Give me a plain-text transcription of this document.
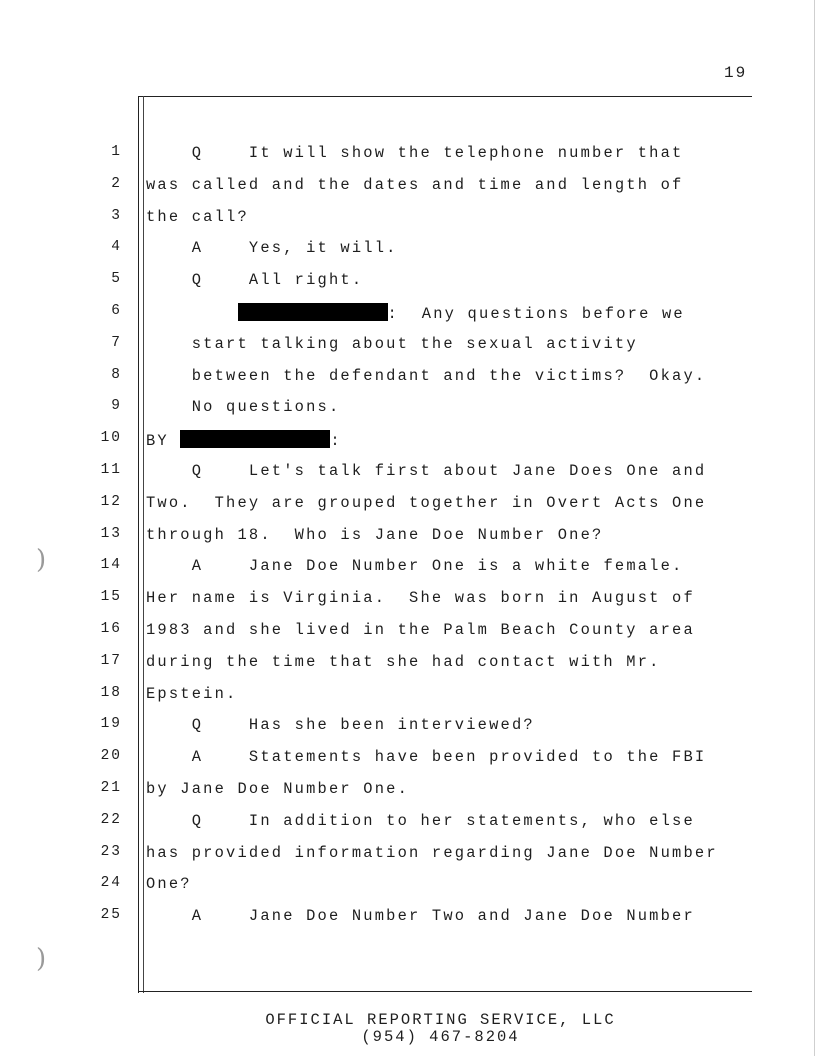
)
)
19
1	Q    It will show the telephone number that
2 was called and the dates and time and length of
3 the call?
4	A    Yes, it will.
5	Q    All right.
6	:  Any questions before we
7	start talking about the sexual activity
8	between the defendant and the victims?  Okay.
9	No questions.
10 BY	:
11	Q    Let's talk first about Jane Does One and
12 Two.  They are grouped together in Overt Acts One
13 through 18.  Who is Jane Doe Number One?
14	A    Jane Doe Number One is a white female.
15 Her name is Virginia.  She was born in August of
16 1983 and she lived in the Palm Beach County area
17 during the time that she had contact with Mr.
18 Epstein.
19	Q    Has she been interviewed?
20	A    Statements have been provided to the FBI
21 by Jane Doe Number One.
22	Q    In addition to her statements, who else
23 has provided information regarding Jane Doe Number
24 One?
25	A    Jane Doe Number Two and Jane Doe Number
OFFICIAL REPORTING SERVICE, LLC
(954) 467-8204
